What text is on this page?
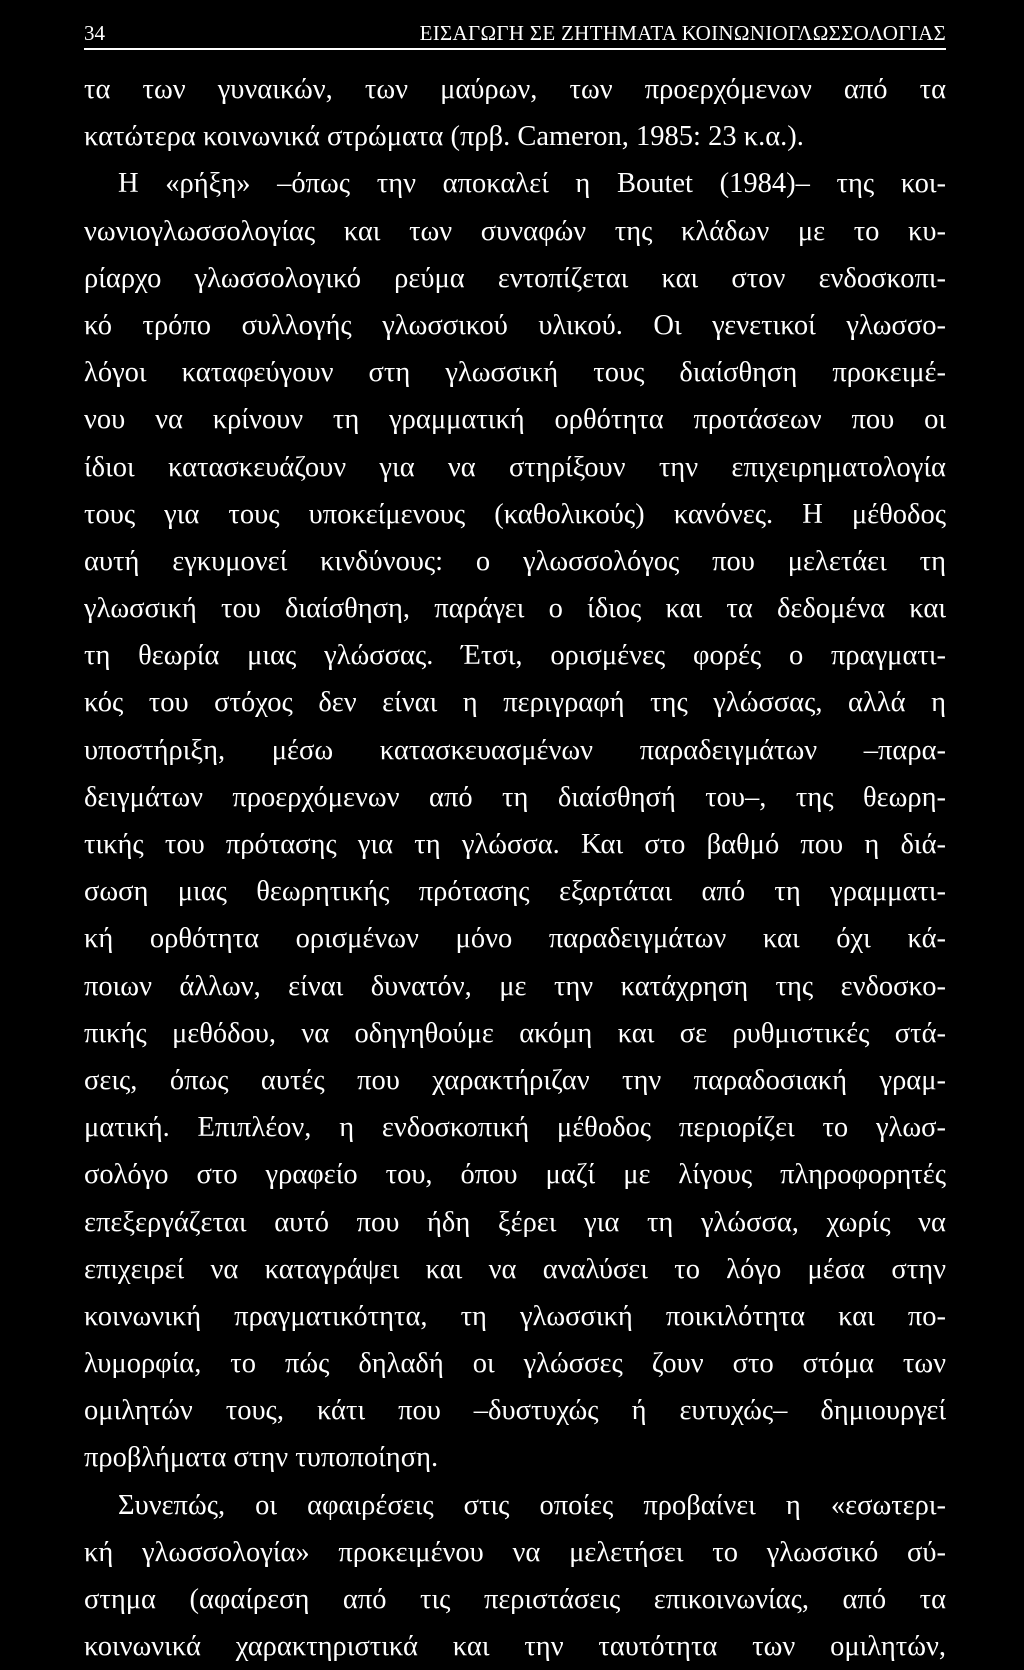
34	ΕΙΣΑΓΩΓΗ ΣΕ ΖΗΤΗΜΑΤΑ ΚΟΙΝΩΝΙΟΓΛΩΣΣΟΛΟΓΙΑΣ
τα των γυναικών, των μαύρων, των προερχόμενων από τα
κατώτερα κοινωνικά στρώματα (πρβ. Cameron, 1985: 23 κ.α.).
Η «ρήξη» –όπως την αποκαλεί η Boutet (1984)– της κοι-
νωνιογλωσσολογίας και των συναφών της κλάδων με το κυ-
ρίαρχο γλωσσολογικό ρεύμα εντοπίζεται και στον ενδοσκοπι-
κό τρόπο συλλογής γλωσσικού υλικού. Οι γενετικοί γλωσσο-
λόγοι καταφεύγουν στη γλωσσική τους διαίσθηση προκειμέ-
νου να κρίνουν τη γραμματική ορθότητα προτάσεων που οι
ίδιοι κατασκευάζουν για να στηρίξουν την επιχειρηματολογία
τους για τους υποκείμενους (καθολικούς) κανόνες. Η μέθοδος
αυτή εγκυμονεί κινδύνους: ο γλωσσολόγος που μελετάει τη
γλωσσική του διαίσθηση, παράγει ο ίδιος και τα δεδομένα και
τη θεωρία μιας γλώσσας. Έτσι, ορισμένες φορές ο πραγματι-
κός του στόχος δεν είναι η περιγραφή της γλώσσας, αλλά η
υποστήριξη, μέσω κατασκευασμένων παραδειγμάτων –παρα-
δειγμάτων προερχόμενων από τη διαίσθησή του–, της θεωρη-
τικής του πρότασης για τη γλώσσα. Και στο βαθμό που η διά-
σωση μιας θεωρητικής πρότασης εξαρτάται από τη γραμματι-
κή ορθότητα ορισμένων μόνο παραδειγμάτων και όχι κά-
ποιων άλλων, είναι δυνατόν, με την κατάχρηση της ενδοσκο-
πικής μεθόδου, να οδηγηθούμε ακόμη και σε ρυθμιστικές στά-
σεις, όπως αυτές που χαρακτήριζαν την παραδοσιακή γραμ-
ματική. Επιπλέον, η ενδοσκοπική μέθοδος περιορίζει το γλωσ-
σολόγο στο γραφείο του, όπου μαζί με λίγους πληροφορητές
επεξεργάζεται αυτό που ήδη ξέρει για τη γλώσσα, χωρίς να
επιχειρεί να καταγράψει και να αναλύσει το λόγο μέσα στην
κοινωνική πραγματικότητα, τη γλωσσική ποικιλότητα και πο-
λυμορφία, το πώς δηλαδή οι γλώσσες ζουν στο στόμα των
ομιλητών τους, κάτι που –δυστυχώς ή ευτυχώς– δημιουργεί
προβλήματα στην τυποποίηση.
Συνεπώς, οι αφαιρέσεις στις οποίες προβαίνει η «εσωτερι-
κή γλωσσολογία» προκειμένου να μελετήσει το γλωσσικό σύ-
στημα (αφαίρεση από τις περιστάσεις επικοινωνίας, από τα
κοινωνικά χαρακτηριστικά και την ταυτότητα των ομιλητών,
